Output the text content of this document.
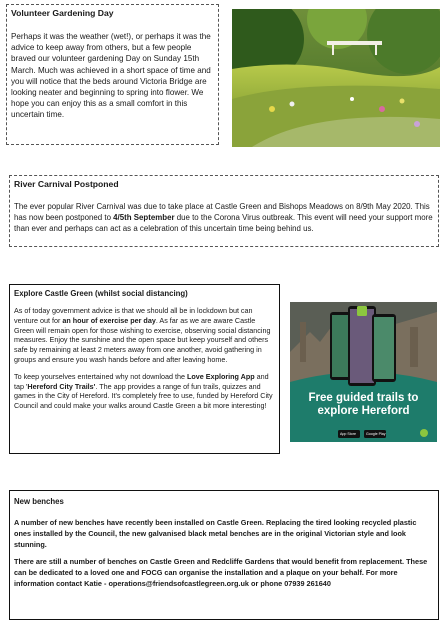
Volunteer Gardening Day

Perhaps it was the weather (wet!), or perhaps it was the advice to keep away from others, but a few people braved our volunteer gardening Day on Sunday 15th March. Much was achieved in a short space of time and you will notice that the beds around Victoria Bridge are looking neater and beginning to spring into flower. We hope you can enjoy this as a small comfort in this uncertain time.

River Carnival Postponed

The ever popular River Carnival was due to take place at Castle Green and Bishops Meadows on 8/9th May 2020. This has now been postponed to 4/5th September due to the Corona Virus outbreak. This event will need your support more than ever and perhaps can act as a celebration of this uncertain time being behind us.

Explore Castle Green (whilst social distancing)

As of today government advice is that we should all be in lockdown but can venture out for an hour of exercise per day. As far as we are aware Castle Green will remain open for those wishing to exercise, observing social distancing measures. Enjoy the sunshine and the open space but keep yourself and others safe by remaining at least 2 meters away from one another, avoid gathering in groups and ensure you wash hands before and after leaving home.

To keep yourselves entertained why not download the Love Exploring App and tap 'Hereford City Trails'. The app provides a range of fun trails, quizzes and games in the City of Hereford. It's completely free to use, funded by Hereford City Council and could make your walks around Castle Green a bit more interesting!

Free guided trails to
explore Hereford
App Store	Google Play
New benches

A number of new benches have recently been installed on Castle Green. Replacing the tired looking recycled plastic ones installed by the Council, the new galvanised black metal benches are in the original Victorian style and look stunning.

There are still a number of benches on Castle Green and Redcliffe Gardens that would benefit from replacement. These can be dedicated to a loved one and FOCG can organise the installation and a plaque on your behalf. For more information contact Katie - operations@friendsofcastlegreen.org.uk or phone 07939 261640
